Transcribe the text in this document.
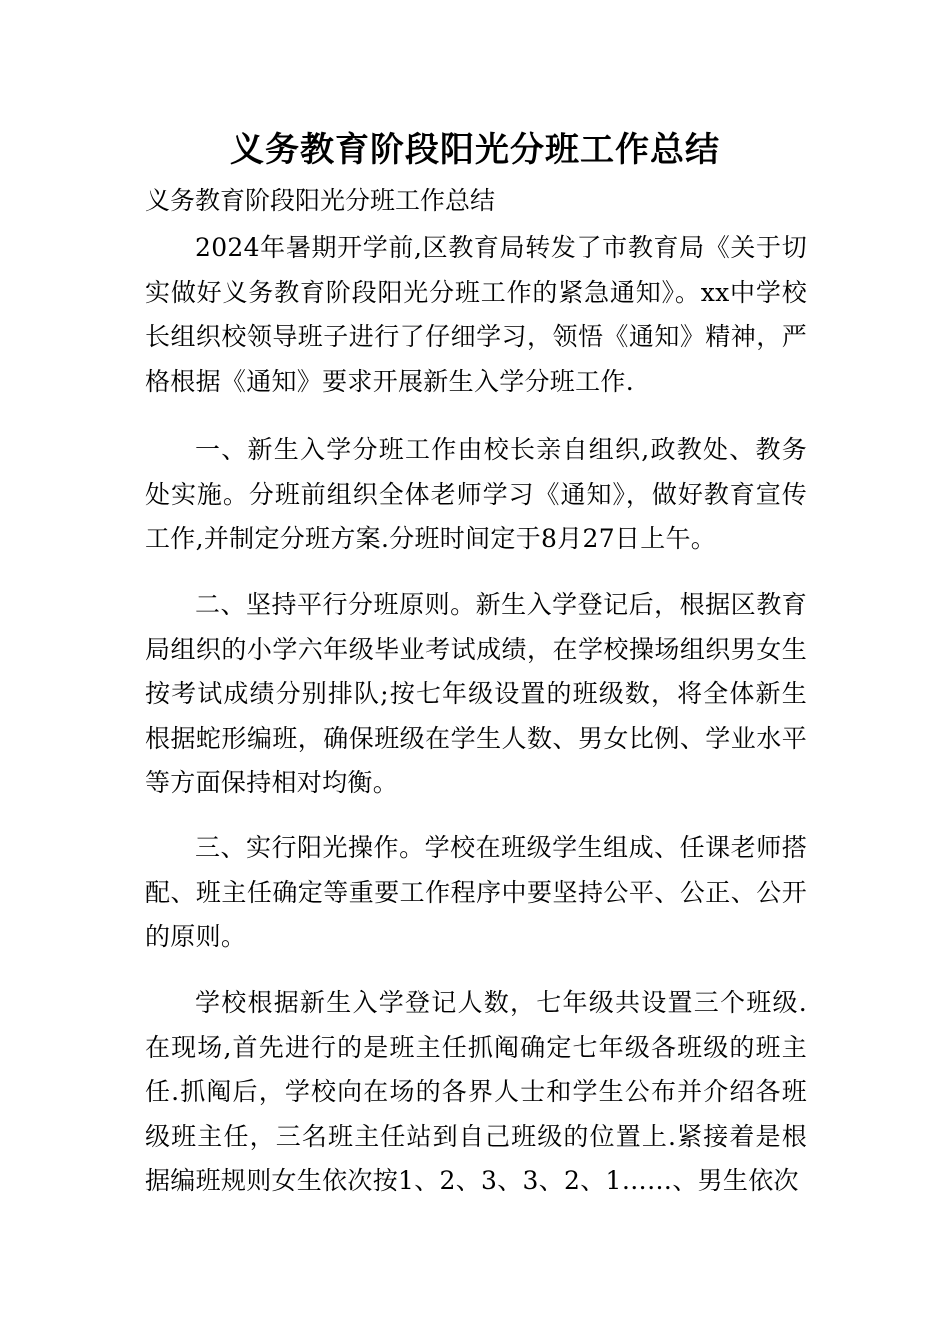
义务教育阶段阳光分班工作总结

义务教育阶段阳光分班工作总结

2024年暑期开学前,区教育局转发了市教育局《关于切实做好义务教育阶段阳光分班工作的紧急通知》。xx中学校长组织校领导班子进行了仔细学习，领悟《通知》精神，严格根据《通知》要求开展新生入学分班工作.

一、新生入学分班工作由校长亲自组织,政教处、教务处实施。分班前组织全体老师学习《通知》，做好教育宣传工作,并制定分班方案.分班时间定于8月27日上午。

二、坚持平行分班原则。新生入学登记后，根据区教育局组织的小学六年级毕业考试成绩，在学校操场组织男女生按考试成绩分别排队;按七年级设置的班级数，将全体新生根据蛇形编班，确保班级在学生人数、男女比例、学业水平等方面保持相对均衡。

三、实行阳光操作。学校在班级学生组成、任课老师搭配、班主任确定等重要工作程序中要坚持公平、公正、公开的原则。

学校根据新生入学登记人数，七年级共设置三个班级.在现场,首先进行的是班主任抓阄确定七年级各班级的班主任.抓阄后，学校向在场的各界人士和学生公布并介绍各班级班主任，三名班主任站到自己班级的位置上.紧接着是根据编班规则女生依次按1、2、3、3、2、1……、男生依次
